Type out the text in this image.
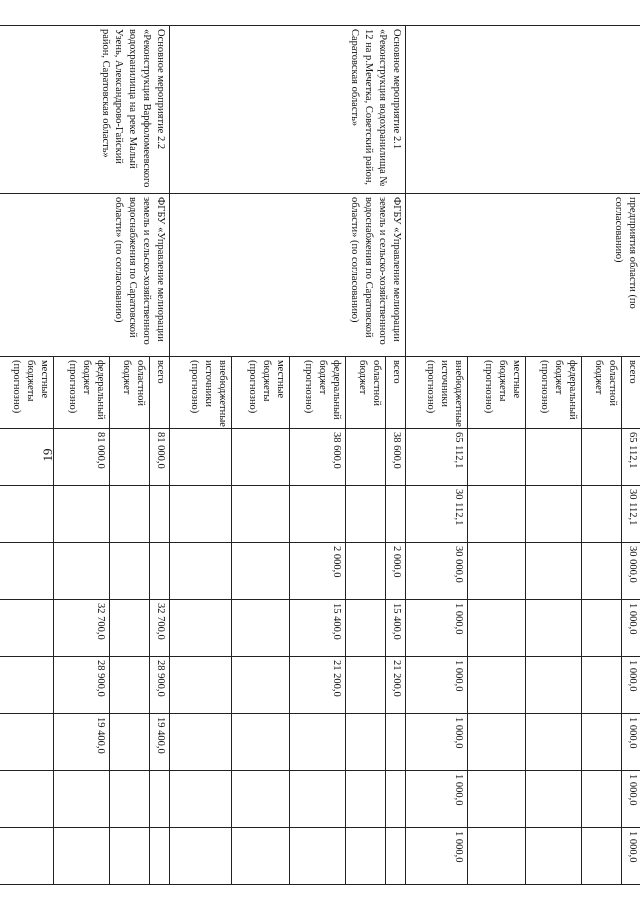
19
	предприятия области (по согласованию)	всего	65 112,1	30 112,1	30 000,0	1 000,0	1 000,0	1 000,0	1 000,0	1 000,0
		областной бюджет								
		федеральный бюджет (прогнозно)								
		местные бюджеты (прогнозно)								
		внебюджетные источники (прогнозно)	65 112,1	30 112,1	30 000,0	1 000,0	1 000,0	1 000,0	1 000,0	1 000,0
Основное мероприятие 2.1 «Реконструкция водохранилища № 12 на р.Мечетка, Советский район, Саратовская область»	ФГБУ «Управление мелиорации земель и сельско-хозяйственного водоснабжения по Саратовской области» (по согласованию)	всего	38 600,0		2 000,0	15 400,0	21 200,0			
		областной бюджет								
		федеральный бюджет (прогнозно)	38 600,0		2 000,0	15 400,0	21 200,0			
		местные бюджеты (прогнозно)								
		внебюджетные источники (прогнозно)								
Основное мероприятие 2.2 «Реконструкция Варфоломеевского водохранилища на реке Малый Узень, Александрово-Гайский район, Саратовская область»	ФГБУ «Управление мелиорации земель и сельско-хозяйственного водоснабжения по Саратовской области» (по согласованию)	всего	81 000,0			32 700,0	28 900,0	19 400,0		
		областной бюджет								
		федеральный бюджет (прогнозно)	81 000,0			32 700,0	28 900,0	19 400,0		
		местные бюджеты (прогнозно)								
